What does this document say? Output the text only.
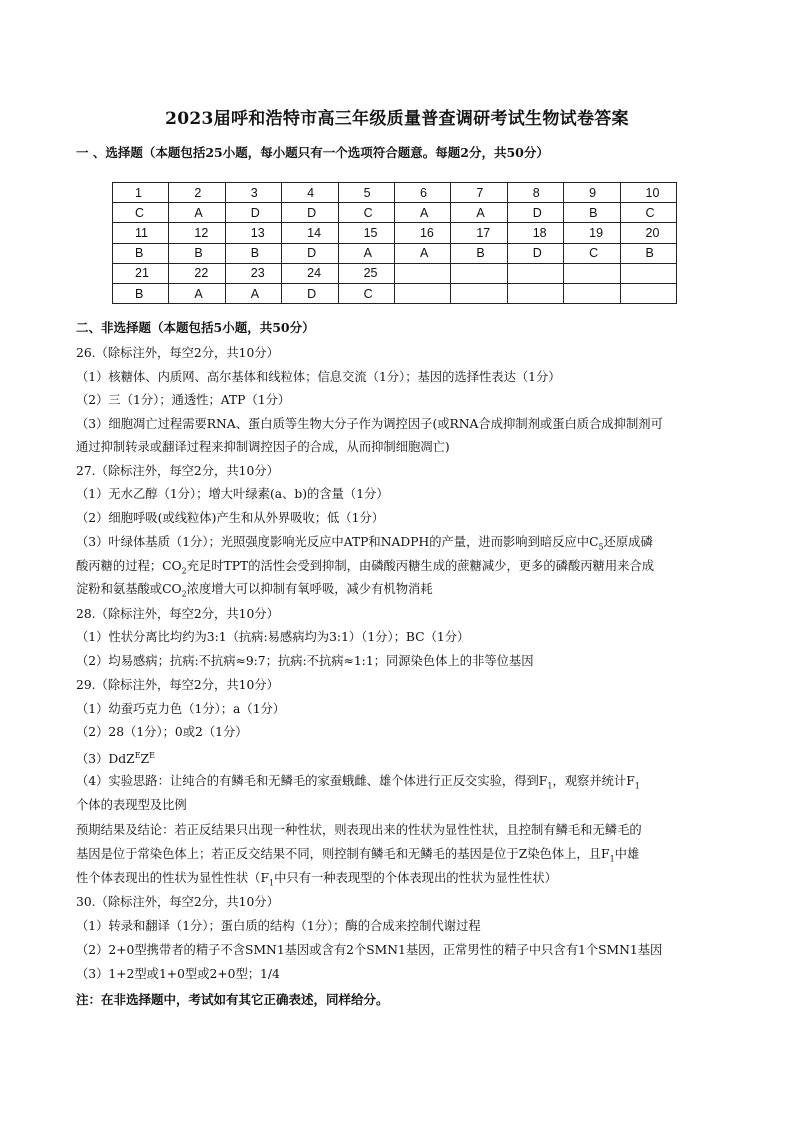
2023届呼和浩特市高三年级质量普查调研考试生物试卷答案
一 、选择题（本题包括25小题，每小题只有一个选项符合题意。每题2分，共50分）
1	2	3	4	5	6	7	8	9	10
C	A	D	D	C	A	A	D	B	C
11	12	13	14	15	16	17	18	19	20
B	B	B	D	A	A	B	D	C	B
21	22	23	24	25					
B	A	A	D	C					
二、非选择题（本题包括5小题，共50分）
26.（除标注外，每空2分，共10分）
（1）核糖体、内质网、高尔基体和线粒体；信息交流（1分）；基因的选择性表达（1分）
（2）三（1分）；通透性；ATP（1分）
（3）细胞凋亡过程需要RNA、蛋白质等生物大分子作为调控因子(或RNA合成抑制剂或蛋白质合成抑制剂可
通过抑制转录或翻译过程来抑制调控因子的合成，从而抑制细胞凋亡)
27.（除标注外，每空2分，共10分）
（1）无水乙醇（1分）；增大叶绿素(a、b)的含量（1分）
（2）细胞呼吸(或线粒体)产生和从外界吸收；低（1分）
（3）叶绿体基质（1分）；光照强度影响光反应中ATP和NADPH的产量，进而影响到暗反应中$C_5$还原成磷
酸丙糖的过程；$CO_2$充足时TPT的活性会受到抑制，由磷酸丙糖生成的蔗糖减少，更多的磷酸丙糖用来合成
淀粉和氨基酸或$CO_2$浓度增大可以抑制有氧呼吸，减少有机物消耗
28.（除标注外，每空2分，共10分）
（1）性状分离比均约为3:1（抗病:易感病均为3:1）（1分）；BC（1分）
（2）均易感病；抗病:不抗病≈9:7；抗病:不抗病≈1:1；同源染色体上的非等位基因
29.（除标注外，每空2分，共10分）
（1）幼蚕巧克力色（1分）；a（1分）
（2）28（1分）；0或2（1分）
$(3)DdZ^EZ^E$
（4）实验思路：让纯合的有鳞毛和无鳞毛的家蚕蛾雌、雄个体进行正反交实验，得到$F_1$，观察并统计$F_1$
个体的表现型及比例
预期结果及结论：若正反结果只出现一种性状，则表现出来的性状为显性性状，且控制有鳞毛和无鳞毛的
基因是位于常染色体上；若正反交结果不同，则控制有鳞毛和无鳞毛的基因是位于Z染色体上，且$F_1$中雄
性个体表现出的性状为显性性状（$F_1$中只有一种表现型的个体表现出的性状为显性性状）
30.（除标注外，每空2分，共10分）
（1）转录和翻译（1分）；蛋白质的结构（1分）；酶的合成来控制代谢过程
（2）2+0型携带者的精子不含SMN1基因或含有2个SMN1基因，正常男性的精子中只含有1个SMN1基因
（3）1+2型或1+0型或2+0型；1/4
注：在非选择题中，考试如有其它正确表述，同样给分。
